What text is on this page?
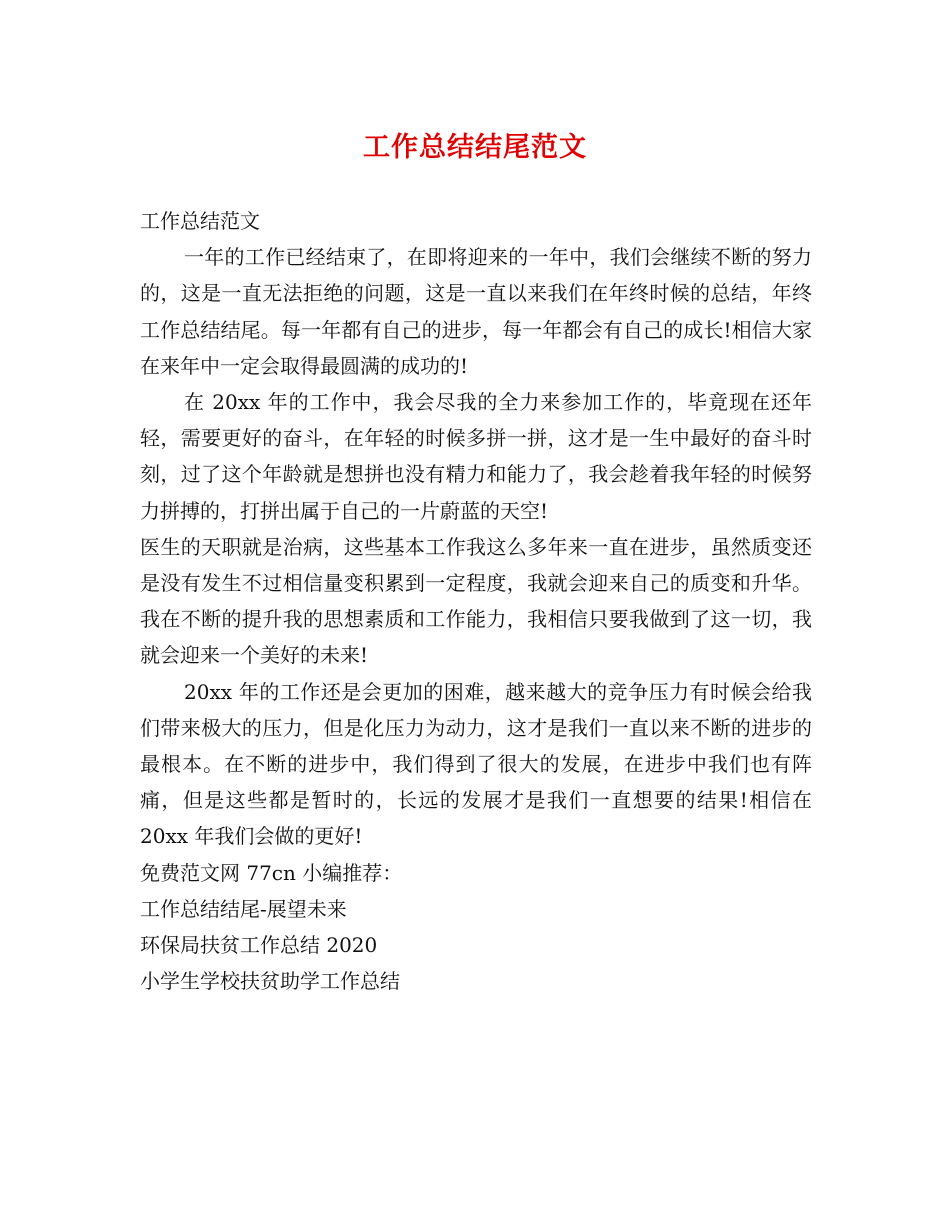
工作总结结尾范文

工作总结范文

一年的工作已经结束了，在即将迎来的一年中，我们会继续不断的努力的，这是一直无法拒绝的问题，这是一直以来我们在年终时候的总结，年终工作总结结尾。每一年都有自己的进步，每一年都会有自己的成长!相信大家在来年中一定会取得最圆满的成功的!

在 20xx 年的工作中，我会尽我的全力来参加工作的，毕竟现在还年轻，需要更好的奋斗，在年轻的时候多拼一拼，这才是一生中最好的奋斗时刻，过了这个年龄就是想拼也没有精力和能力了，我会趁着我年轻的时候努力拼搏的，打拼出属于自己的一片蔚蓝的天空!

医生的天职就是治病，这些基本工作我这么多年来一直在进步，虽然质变还是没有发生不过相信量变积累到一定程度，我就会迎来自己的质变和升华。我在不断的提升我的思想素质和工作能力，我相信只要我做到了这一切，我就会迎来一个美好的未来!

20xx 年的工作还是会更加的困难，越来越大的竞争压力有时候会给我们带来极大的压力，但是化压力为动力，这才是我们一直以来不断的进步的最根本。在不断的进步中，我们得到了很大的发展，在进步中我们也有阵痛，但是这些都是暂时的，长远的发展才是我们一直想要的结果!相信在 20xx 年我们会做的更好!

免费范文网 77cn 小编推荐：

工作总结结尾-展望未来

环保局扶贫工作总结 2020

小学生学校扶贫助学工作总结
